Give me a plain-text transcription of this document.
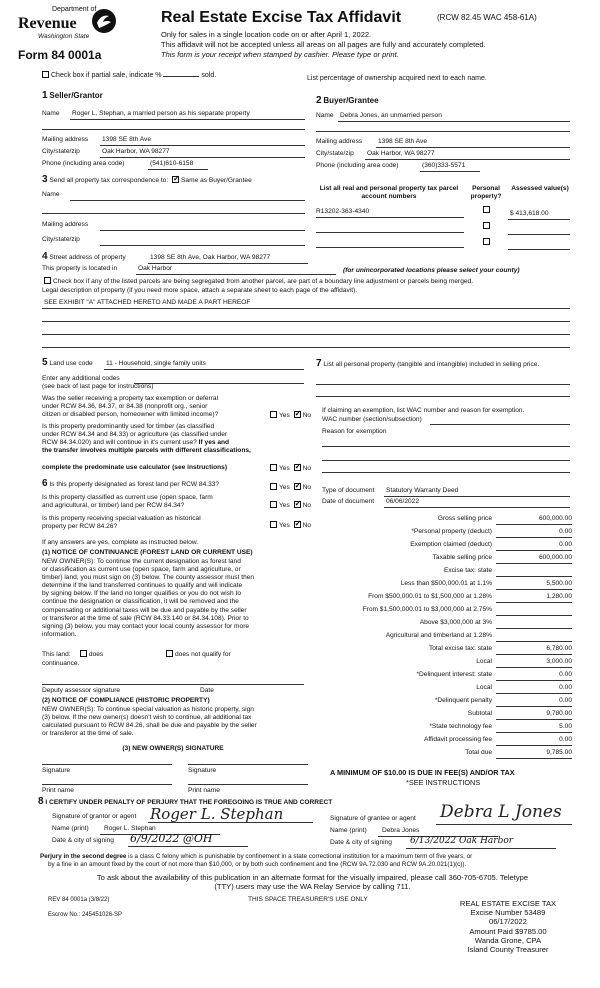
Department of
Revenue
Washington State
Form 84 0001a
Real Estate Excise Tax Affidavit	(RCW 82.45 WAC 458-61A)
Only for sales in a single location code on or after April 1, 2022.
This affidavit will not be accepted unless all areas on all pages are fully and accurately completed.
This form is your receipt when stamped by cashier. Please type or print.
Check box if partial sale, indicate %	sold.	List percentage of ownership acquired next to each name.
1 Seller/Grantor
Name Roger L. Stephan, a married person as his separate property
Mailing address 1398 SE 8th Ave
City/state/zip	Oak Harbor, WA 98277
Phone (including area code)	(541)610-6158
2 Buyer/Grantee
Name Debra Jones, an unmarried person
Mailing address 1398 SE 8th Ave
City/state/zip Oak Harbor, WA 98277
Phone (including area code)	(360)333-5571
3 Send all property tax correspondence to: ✓ Same as Buyer/Grantee
Name
Mailing address
City/state/zip
List all real and personal property tax parcel account numbers
Personal property?
Assessed value(s)
R13202-363-4340	$ 413,618.00
4 Street address of property	1398 SE 8th Ave, Oak Harbor, WA 98277
This property is located in	Oak Harbor	(for unincorporated locations please select your county)
Check box if any of the listed parcels are being segregated from another parcel, are part of a boundary line adjustment or parcels being merged.
Legal description of property (if you need more space, attach a separate sheet to each page of the affidavit).
SEE EXHIBIT "A" ATTACHED HERETO AND MADE A PART HEREOF
5 Land use code 11 - Household, single family units
Enter any additional codes
(see back of last page for instructions)
Was the seller receiving a property tax exemption or deferral
under RCW 84.36, 84.37, or 84.38 (nonprofit org., senior
citizen or disabled person, homeowner with limited income)?	Yes ✓ No
Is this property predominantly used for timber (as classified
under RCW 84.34 and 84.33) or agriculture (as classified under
RCW 84.34.020) and will continue in it's current use? If yes and
the transfer involves multiple parcels with different classifications,
complete the predominate use calculator (see instructions)	Yes ✓ No
7 List all personal property (tangible and intangible) included in selling price.
If claiming an exemption, list WAC number and reason for exemption.
WAC number (section/subsection)
Reason for exemption
6 Is this property designated as forest land per RCW 84.33?	Yes ✓ No
Is this property classified as current use (open space, farm
and agricultural, or timber) land per RCW 84.34?	Yes ✓ No
Is this property receiving special valuation as historical
property per RCW 84.26?	Yes ✓ No
If any answers are yes, complete as instructed below.
(1) NOTICE OF CONTINUANCE (FOREST LAND OR CURRENT USE)
NEW OWNER(S): To continue the current designation as forest land
or classification as current use (open space, farm and agriculture, or
timber) land, you must sign on (3) below. The county assessor must then
determine if the land transferred continues to qualify and will indicate
by signing below. If the land no longer qualifies or you do not wish to
continue the designation or classification, it will be removed and the
compensating or additional taxes will be due and payable by the seller
or transferor at the time of sale (RCW 84.33.140 or 84.34.108). Prior to
signing (3) below, you may contact your local county assessor for more
information.
This land:	does	does not qualify for
continuance.
Deputy assessor signature	Date
(2) NOTICE OF COMPLIANCE (HISTORIC PROPERTY)
NEW OWNER(S): To continue special valuation as historic property, sign
(3) below. If the new owner(s) doesn't wish to continue, all additional tax
calculated pursuant to RCW 84.26, shall be due and payable by the seller
or transferor at the time of sale.
(3) NEW OWNER(S) SIGNATURE
Signature	Signature
Print name	Print name
Type of document Statutory Warranty Deed
Date of document 06/06/2022
Gross selling price	600,000.00
*Personal property (deduct)	0.00
Exemption claimed (deduct)	0.00
Taxable selling price	600,000.00
Excise tax: state
Less than $500,000.01 at 1.1%	5,500.00
From $500,000.01 to $1,500,000 at 1.28%	1,280.00
From $1,500,000.01 to $3,000,000 at 2.75%
Above $3,000,000 at 3%
Agricultural and timberland at 1.28%
Total excise tax: state	6,780.00
Local	3,000.00
*Delinquent interest: state	0.00
Local	0.00
*Delinquent penalty	0.00
Subtotal	9,780.00
*State technology fee	5.00
Affidavit processing fee	0.00
Total due	9,785.00
A MINIMUM OF $10.00 IS DUE IN FEE(S) AND/OR TAX
*SEE INSTRUCTIONS
8 I CERTIFY UNDER PENALTY OF PERJURY THAT THE FOREGOING IS TRUE AND CORRECT
Signature of grantor or agent Roger L. Stephan
Name (print) Roger L. Stephan
Date & city of signing 6/9/2022 @OH
Signature of grantee or agent Debra L Jones
Name (print) Debra Jones
Date & city of signing 6/13/2022 Oak Harbor
Perjury in the second degree is a class C felony which is punishable by confinement in a state correctional institution for a maximum term of five years, or
by a fine in an amount fixed by the court of not more than $10,000, or by both such confinement and fine (RCW 9A.72.030 and RCW 9A.20.021(1)(c)).
To ask about the availability of this publication in an alternate format for the visually impaired, please call 360-705-6705. Teletype
(TTY) users may use the WA Relay Service by calling 711.
REV 84 0001a (3/8/22)
Escrow No.: 245451026-SP
THIS SPACE TREASURER'S USE ONLY	REAL ESTATE EXCISE TAX
Excise Number 53489
06/17/2022
Amount Paid $9785.00
Wanda Grone, CPA
Island County Treasurer
